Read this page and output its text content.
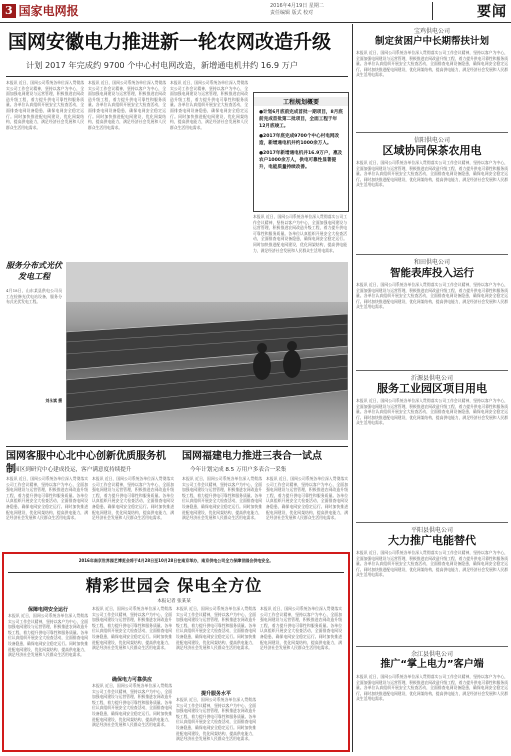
3 国家电网报	2016年4月19日 星期二
责任编辑 版式 校对	要闻
国网安徽电力推进新一轮农网改造升级
计划 2017 年完成约 9700 个中心村电网改造，新增通电机井约 16.9 万户
本报讯 近日，国网公司系统各单位深入贯彻落实公司工作会议精神，坚持以客户为中心，全面加强电网建设与运营管理，积极推进农网改造升级工程，着力提升供电可靠性和服务质量。各单位认真组织开展安全大检查活动，全面排查电网设备隐患，确保电网安全稳定运行。同时加快推进配电网建设，优化网架结构，提高供电能力，满足经济社会发展和人民群众生活用电需求。
本报讯 近日，国网公司系统各单位深入贯彻落实公司工作会议精神，坚持以客户为中心，全面加强电网建设与运营管理，积极推进农网改造升级工程，着力提升供电可靠性和服务质量。各单位认真组织开展安全大检查活动，全面排查电网设备隐患，确保电网安全稳定运行。同时加快推进配电网建设，优化网架结构，提高供电能力，满足经济社会发展和人民群众生活用电需求。
本报讯 近日，国网公司系统各单位深入贯彻落实公司工作会议精神，坚持以客户为中心，全面加强电网建设与运营管理，积极推进农网改造升级工程，着力提升供电可靠性和服务质量。各单位认真组织开展安全大检查活动，全面排查电网设备隐患，确保电网安全稳定运行。同时加快推进配电网建设，优化网架结构，提高供电能力，满足经济社会发展和人民群众生活用电需求。
工程规划概要
●计划6月底前完成首批一期项目，8月底前完成首批第二批项目，全面工程于年12月底竣工。
●2017年底完成9700个中心村电网改造，新增通电机井约1000余万人。
●2017年新增通电机井16.9万户，惠及农户1000余万人，供电可靠性显著提升，电能质量持续改善。
本报讯 近日，国网公司系统各单位深入贯彻落实公司工作会议精神，坚持以客户为中心，全面加强电网建设与运营管理，积极推进农网改造升级工程，着力提升供电可靠性和服务质量。各单位认真组织开展安全大检查活动，全面排查电网设备隐患，确保电网安全稳定运行。同时加快推进配电网建设，优化网架结构，提高供电能力，满足经济社会发展和人民群众生活用电需求。
服务分布式光伏发电工程
4月18日，山东某县供电公司员工在检修光伏电站设备，服务分布式光伏发电工程。
刘永斌 摄
国网客服中心北中心创新优质服务机制
园区到研究中心建成投运，客户满意度持续提升
本报讯 近日，国网公司系统各单位深入贯彻落实公司工作会议精神，坚持以客户为中心，全面加强电网建设与运营管理，积极推进农网改造升级工程，着力提升供电可靠性和服务质量。各单位认真组织开展安全大检查活动，全面排查电网设备隐患，确保电网安全稳定运行。同时加快推进配电网建设，优化网架结构，提高供电能力，满足经济社会发展和人民群众生活用电需求。
本报讯 近日，国网公司系统各单位深入贯彻落实公司工作会议精神，坚持以客户为中心，全面加强电网建设与运营管理，积极推进农网改造升级工程，着力提升供电可靠性和服务质量。各单位认真组织开展安全大检查活动，全面排查电网设备隐患，确保电网安全稳定运行。同时加快推进配电网建设，优化网架结构，提高供电能力，满足经济社会发展和人民群众生活用电需求。
国网福建电力推进三表合一试点
今年计划完成 8.5 万用户多表合一采集
本报讯 近日，国网公司系统各单位深入贯彻落实公司工作会议精神，坚持以客户为中心，全面加强电网建设与运营管理，积极推进农网改造升级工程，着力提升供电可靠性和服务质量。各单位认真组织开展安全大检查活动，全面排查电网设备隐患，确保电网安全稳定运行。同时加快推进配电网建设，优化网架结构，提高供电能力，满足经济社会发展和人民群众生活用电需求。
本报讯 近日，国网公司系统各单位深入贯彻落实公司工作会议精神，坚持以客户为中心，全面加强电网建设与运营管理，积极推进农网改造升级工程，着力提升供电可靠性和服务质量。各单位认真组织开展安全大检查活动，全面排查电网设备隐患，确保电网安全稳定运行。同时加快推进配电网建设，优化网架结构，提高供电能力，满足经济社会发展和人民群众生活用电需求。
2016年南京世界园艺博览会将于4月28日至10月28日在南京举办，南京供电公司全力保障世园会供电安全。
精彩世园会 保电全方位
本报记者 张某某
保障电网安全运行
本报讯 近日，国网公司系统各单位深入贯彻落实公司工作会议精神，坚持以客户为中心，全面加强电网建设与运营管理，积极推进农网改造升级工程，着力提升供电可靠性和服务质量。各单位认真组织开展安全大检查活动，全面排查电网设备隐患，确保电网安全稳定运行。同时加快推进配电网建设，优化网架结构，提高供电能力，满足经济社会发展和人民群众生活用电需求。
本报讯 近日，国网公司系统各单位深入贯彻落实公司工作会议精神，坚持以客户为中心，全面加强电网建设与运营管理，积极推进农网改造升级工程，着力提升供电可靠性和服务质量。各单位认真组织开展安全大检查活动，全面排查电网设备隐患，确保电网安全稳定运行。同时加快推进配电网建设，优化网架结构，提高供电能力，满足经济社会发展和人民群众生活用电需求。
确保电力可靠供应
本报讯 近日，国网公司系统各单位深入贯彻落实公司工作会议精神，坚持以客户为中心，全面加强电网建设与运营管理，积极推进农网改造升级工程，着力提升供电可靠性和服务质量。各单位认真组织开展安全大检查活动，全面排查电网设备隐患，确保电网安全稳定运行。同时加快推进配电网建设，优化网架结构，提高供电能力，满足经济社会发展和人民群众生活用电需求。
本报讯 近日，国网公司系统各单位深入贯彻落实公司工作会议精神，坚持以客户为中心，全面加强电网建设与运营管理，积极推进农网改造升级工程，着力提升供电可靠性和服务质量。各单位认真组织开展安全大检查活动，全面排查电网设备隐患，确保电网安全稳定运行。同时加快推进配电网建设，优化网架结构，提高供电能力，满足经济社会发展和人民群众生活用电需求。
提升服务水平
本报讯 近日，国网公司系统各单位深入贯彻落实公司工作会议精神，坚持以客户为中心，全面加强电网建设与运营管理，积极推进农网改造升级工程，着力提升供电可靠性和服务质量。各单位认真组织开展安全大检查活动，全面排查电网设备隐患，确保电网安全稳定运行。同时加快推进配电网建设，优化网架结构，提高供电能力，满足经济社会发展和人民群众生活用电需求。
本报讯 近日，国网公司系统各单位深入贯彻落实公司工作会议精神，坚持以客户为中心，全面加强电网建设与运营管理，积极推进农网改造升级工程，着力提升供电可靠性和服务质量。各单位认真组织开展安全大检查活动，全面排查电网设备隐患，确保电网安全稳定运行。同时加快推进配电网建设，优化网架结构，提高供电能力，满足经济社会发展和人民群众生活用电需求。
宝鸡供电公司
制定贫困户中长期帮扶计划
本报讯 近日，国网公司系统各单位深入贯彻落实公司工作会议精神，坚持以客户为中心，全面加强电网建设与运营管理，积极推进农网改造升级工程，着力提升供电可靠性和服务质量。各单位认真组织开展安全大检查活动，全面排查电网设备隐患，确保电网安全稳定运行。同时加快推进配电网建设，优化网架结构，提高供电能力，满足经济社会发展和人民群众生活用电需求。
信阳供电公司
区域协同保茶农用电
本报讯 近日，国网公司系统各单位深入贯彻落实公司工作会议精神，坚持以客户为中心，全面加强电网建设与运营管理，积极推进农网改造升级工程，着力提升供电可靠性和服务质量。各单位认真组织开展安全大检查活动，全面排查电网设备隐患，确保电网安全稳定运行。同时加快推进配电网建设，优化网架结构，提高供电能力，满足经济社会发展和人民群众生活用电需求。
和田供电公司
智能表库投入运行
本报讯 近日，国网公司系统各单位深入贯彻落实公司工作会议精神，坚持以客户为中心，全面加强电网建设与运营管理，积极推进农网改造升级工程，着力提升供电可靠性和服务质量。各单位认真组织开展安全大检查活动，全面排查电网设备隐患，确保电网安全稳定运行。同时加快推进配电网建设，优化网架结构，提高供电能力，满足经济社会发展和人民群众生活用电需求。
沂源县供电公司
服务工业园区项目用电
本报讯 近日，国网公司系统各单位深入贯彻落实公司工作会议精神，坚持以客户为中心，全面加强电网建设与运营管理，积极推进农网改造升级工程，着力提升供电可靠性和服务质量。各单位认真组织开展安全大检查活动，全面排查电网设备隐患，确保电网安全稳定运行。同时加快推进配电网建设，优化网架结构，提高供电能力，满足经济社会发展和人民群众生活用电需求。
平阳县供电公司
大力推广电能替代
本报讯 近日，国网公司系统各单位深入贯彻落实公司工作会议精神，坚持以客户为中心，全面加强电网建设与运营管理，积极推进农网改造升级工程，着力提升供电可靠性和服务质量。各单位认真组织开展安全大检查活动，全面排查电网设备隐患，确保电网安全稳定运行。同时加快推进配电网建设，优化网架结构，提高供电能力，满足经济社会发展和人民群众生活用电需求。
余江县供电公司
推广“掌上电力”客户端
本报讯 近日，国网公司系统各单位深入贯彻落实公司工作会议精神，坚持以客户为中心，全面加强电网建设与运营管理，积极推进农网改造升级工程，着力提升供电可靠性和服务质量。各单位认真组织开展安全大检查活动，全面排查电网设备隐患，确保电网安全稳定运行。同时加快推进配电网建设，优化网架结构，提高供电能力，满足经济社会发展和人民群众生活用电需求。
